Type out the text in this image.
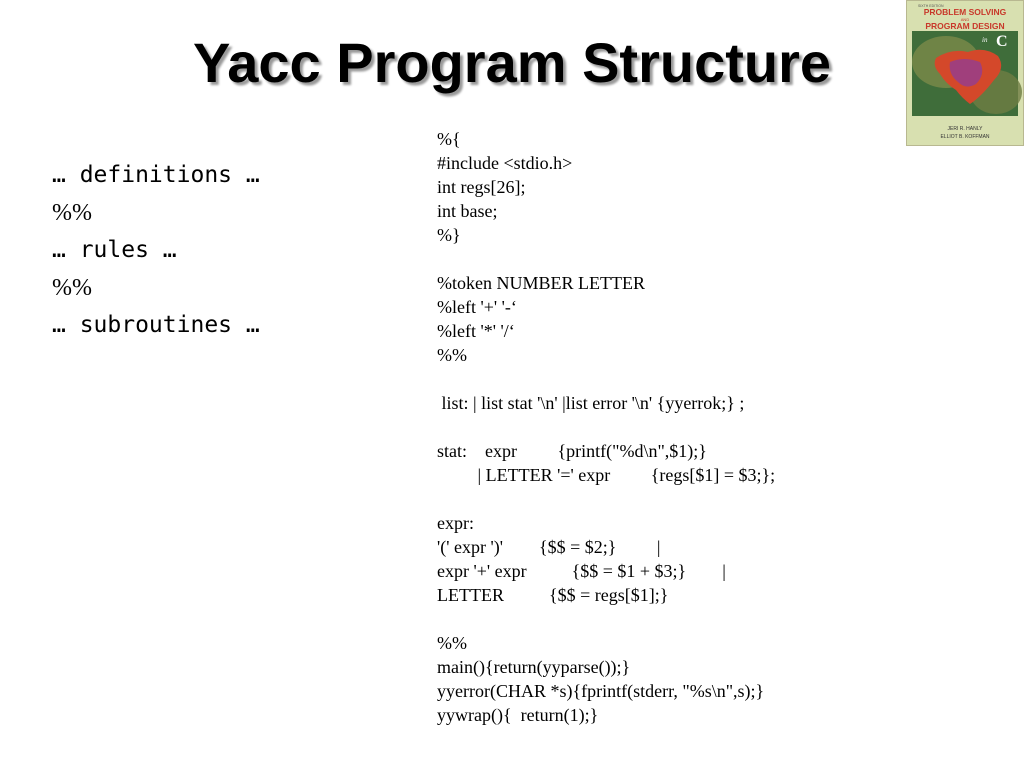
Yacc Program Structure
… definitions …
%%
… rules …
%%
… subroutines …
%{
#include <stdio.h>
int regs[26];
int base;
%}
%token NUMBER LETTER
%left '+' '-‘
%left '*' '/‘
%%
list: | list stat '\n' |list error '\n' {yyerrok;} ;
stat:    expr         {printf("%d\n",$1);}
| LETTER '=' expr         {regs[$1] = $3;};
expr:
'(' expr ')'        {$$ = $2;}         |
expr '+' expr          {$$ = $1 + $3;}        |
LETTER          {$$ = regs[$1];}
%%
main(){return(yyparse());}
yyerror(CHAR *s){fprintf(stderr, "%s\n",s);}
yywrap(){  return(1);}
SIXTH EDITION
PROBLEM SOLVING
AND
PROGRAM DESIGN
in C
JERI R. HANLY
ELLIOT B. KOFFMAN
